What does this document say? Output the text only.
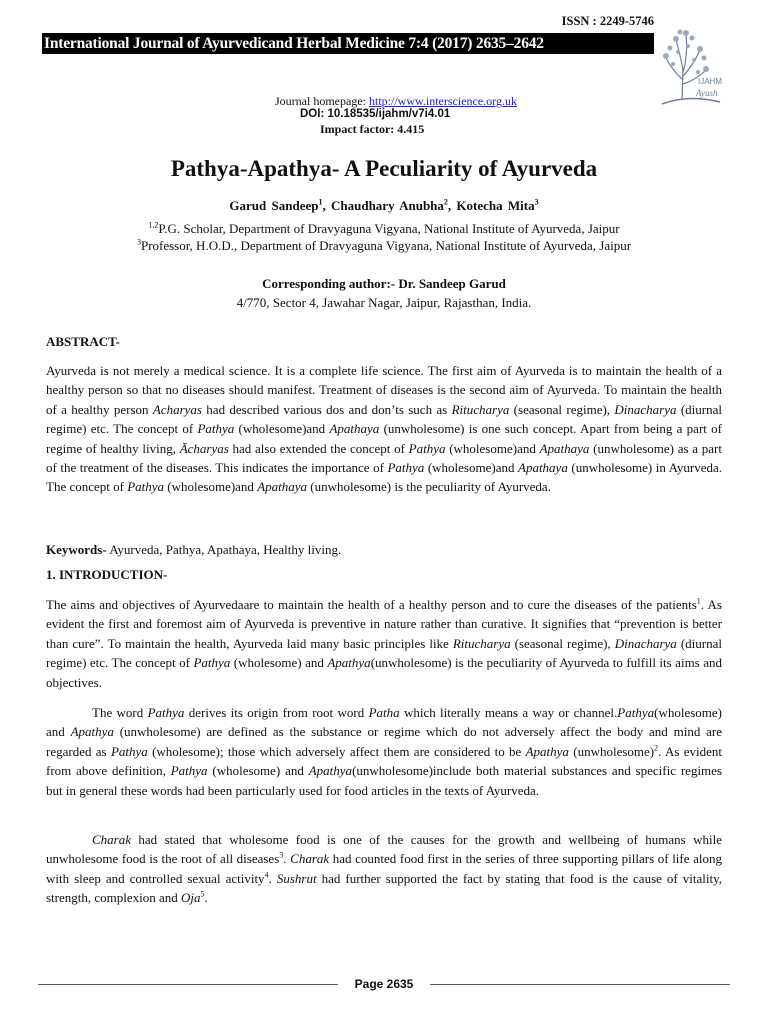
ISSN : 2249-5746
International Journal of Ayurvedicand Herbal Medicine 7:4 (2017) 2635–2642
IJAHM
Ayush
Journal homepage: http://www.interscience.org.uk
DOI: 10.18535/ijahm/v7i4.01
Impact factor: 4.415
Pathya-Apathya- A Peculiarity of Ayurveda
Garud Sandeep$^1$, Chaudhary Anubha$^2$, Kotecha Mita$^3$
$^{1,2}$P.G. Scholar, Department of Dravyaguna Vigyana, National Institute of Ayurveda, Jaipur
$^3$Professor, H.O.D., Department of Dravyaguna Vigyana, National Institute of Ayurveda, Jaipur
Corresponding author:- Dr. Sandeep Garud
4/770, Sector 4, Jawahar Nagar, Jaipur, Rajasthan, India.
ABSTRACT-

Ayurveda is not merely a medical science. It is a complete life science. The first aim of Ayurveda is to maintain the health of a healthy person so that no diseases should manifest. Treatment of diseases is the second aim of Ayurveda. To maintain the health of a healthy person Acharyas had described various dos and don’ts such as Ritucharya (seasonal regime), Dinacharya (diurnal regime) etc. The concept of Pathya (wholesome)and Apathaya (unwholesome) is one such concept. Apart from being a part of regime of healthy living, Ācharyas had also extended the concept of Pathya (wholesome)and Apathaya (unwholesome) as a part of the treatment of the diseases. This indicates the importance of Pathya (wholesome)and Apathaya (unwholesome) in Ayurveda. The concept of Pathya (wholesome)and Apathaya (unwholesome) is the peculiarity of Ayurveda.

Keywords- Ayurveda, Pathya, Apathaya, Healthy living.
1. INTRODUCTION-

The aims and objectives of Ayurvedaare to maintain the health of a healthy person and to cure the diseases of the patients$^1$. As evident the first and foremost aim of Ayurveda is preventive in nature rather than curative. It signifies that “prevention is better than cure”. To maintain the health, Ayurveda laid many basic principles like Ritucharya (seasonal regime), Dinacharya (diurnal regime) etc. The concept of Pathya (wholesome) and Apathya(unwholesome) is the peculiarity of Ayurveda to fulfill its aims and objectives.

The word Pathya derives its origin from root word Patha which literally means a way or channel.Pathya(wholesome) and Apathya (unwholesome) are defined as the substance or regime which do not adversely affect the body and mind are regarded as Pathya (wholesome); those which adversely affect them are considered to be Apathya (unwholesome)$^2$. As evident from above definition, Pathya (wholesome) and Apathya(unwholesome)include both material substances and specific regimes but in general these words had been particularly used for food articles in the texts of Ayurveda.

Charak had stated that wholesome food is one of the causes for the growth and wellbeing of humans while unwholesome food is the root of all diseases$^3$. Charak had counted food first in the series of three supporting pillars of life along with sleep and controlled sexual activity$^4$. Sushrut had further supported the fact by stating that food is the cause of vitality, strength, complexion and Oja$^5$.

Page 2635
